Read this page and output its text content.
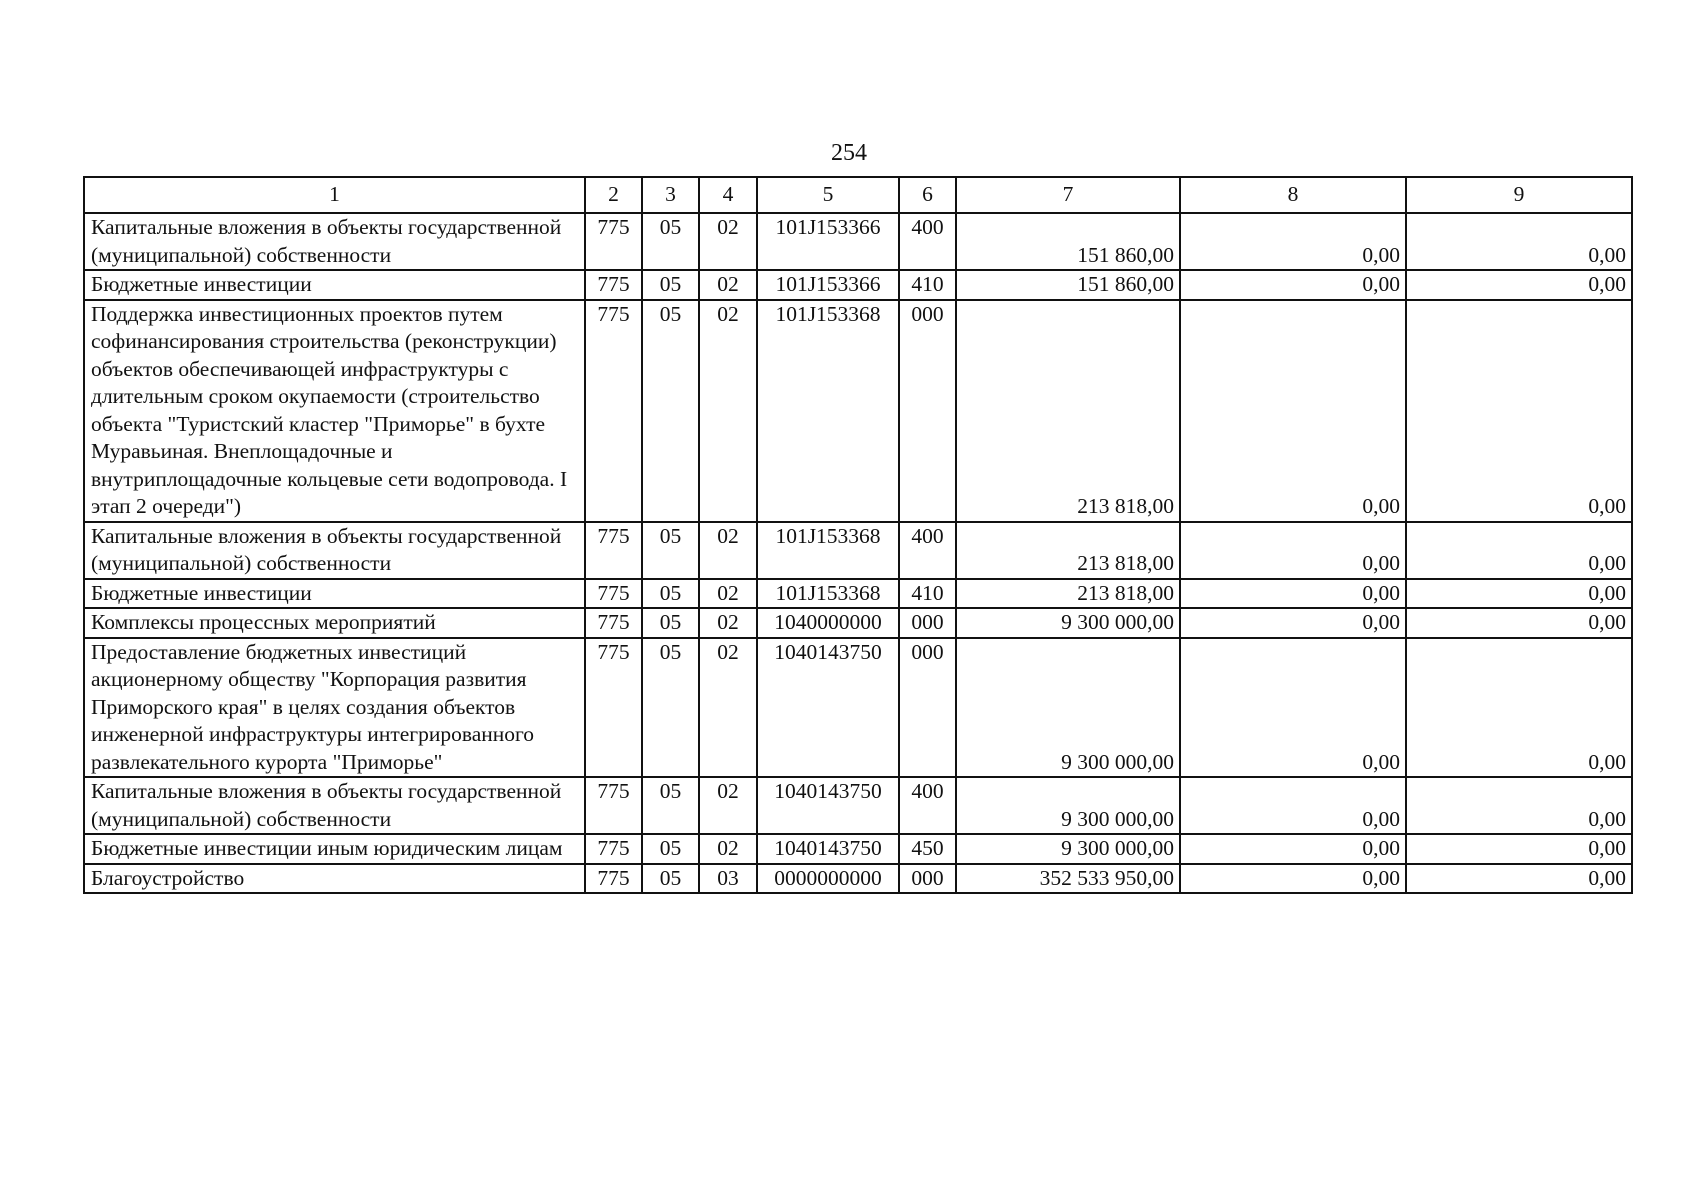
254
1	2	3	4	5	6	7	8	9
Капитальные вложения в объекты государственной (муниципальной) собственности	775	05	02	101J153366	400	151 860,00	0,00	0,00
Бюджетные инвестиции	775	05	02	101J153366	410	151 860,00	0,00	0,00
Поддержка инвестиционных проектов путем софинансирования строительства (реконструкции) объектов обеспечивающей инфраструктуры с длительным сроком окупаемости (строительство объекта "Туристский кластер "Приморье" в бухте Муравьиная. Внеплощадочные и внутриплощадочные кольцевые сети водопровода. I этап 2 очереди")	775	05	02	101J153368	000	213 818,00	0,00	0,00
Капитальные вложения в объекты государственной (муниципальной) собственности	775	05	02	101J153368	400	213 818,00	0,00	0,00
Бюджетные инвестиции	775	05	02	101J153368	410	213 818,00	0,00	0,00
Комплексы процессных мероприятий	775	05	02	1040000000	000	9 300 000,00	0,00	0,00
Предоставление бюджетных инвестиций акционерному обществу "Корпорация развития Приморского края" в целях создания объектов инженерной инфраструктуры интегрированного развлекательного курорта "Приморье"	775	05	02	1040143750	000	9 300 000,00	0,00	0,00
Капитальные вложения в объекты государственной (муниципальной) собственности	775	05	02	1040143750	400	9 300 000,00	0,00	0,00
Бюджетные инвестиции иным юридическим лицам	775	05	02	1040143750	450	9 300 000,00	0,00	0,00
Благоустройство	775	05	03	0000000000	000	352 533 950,00	0,00	0,00
